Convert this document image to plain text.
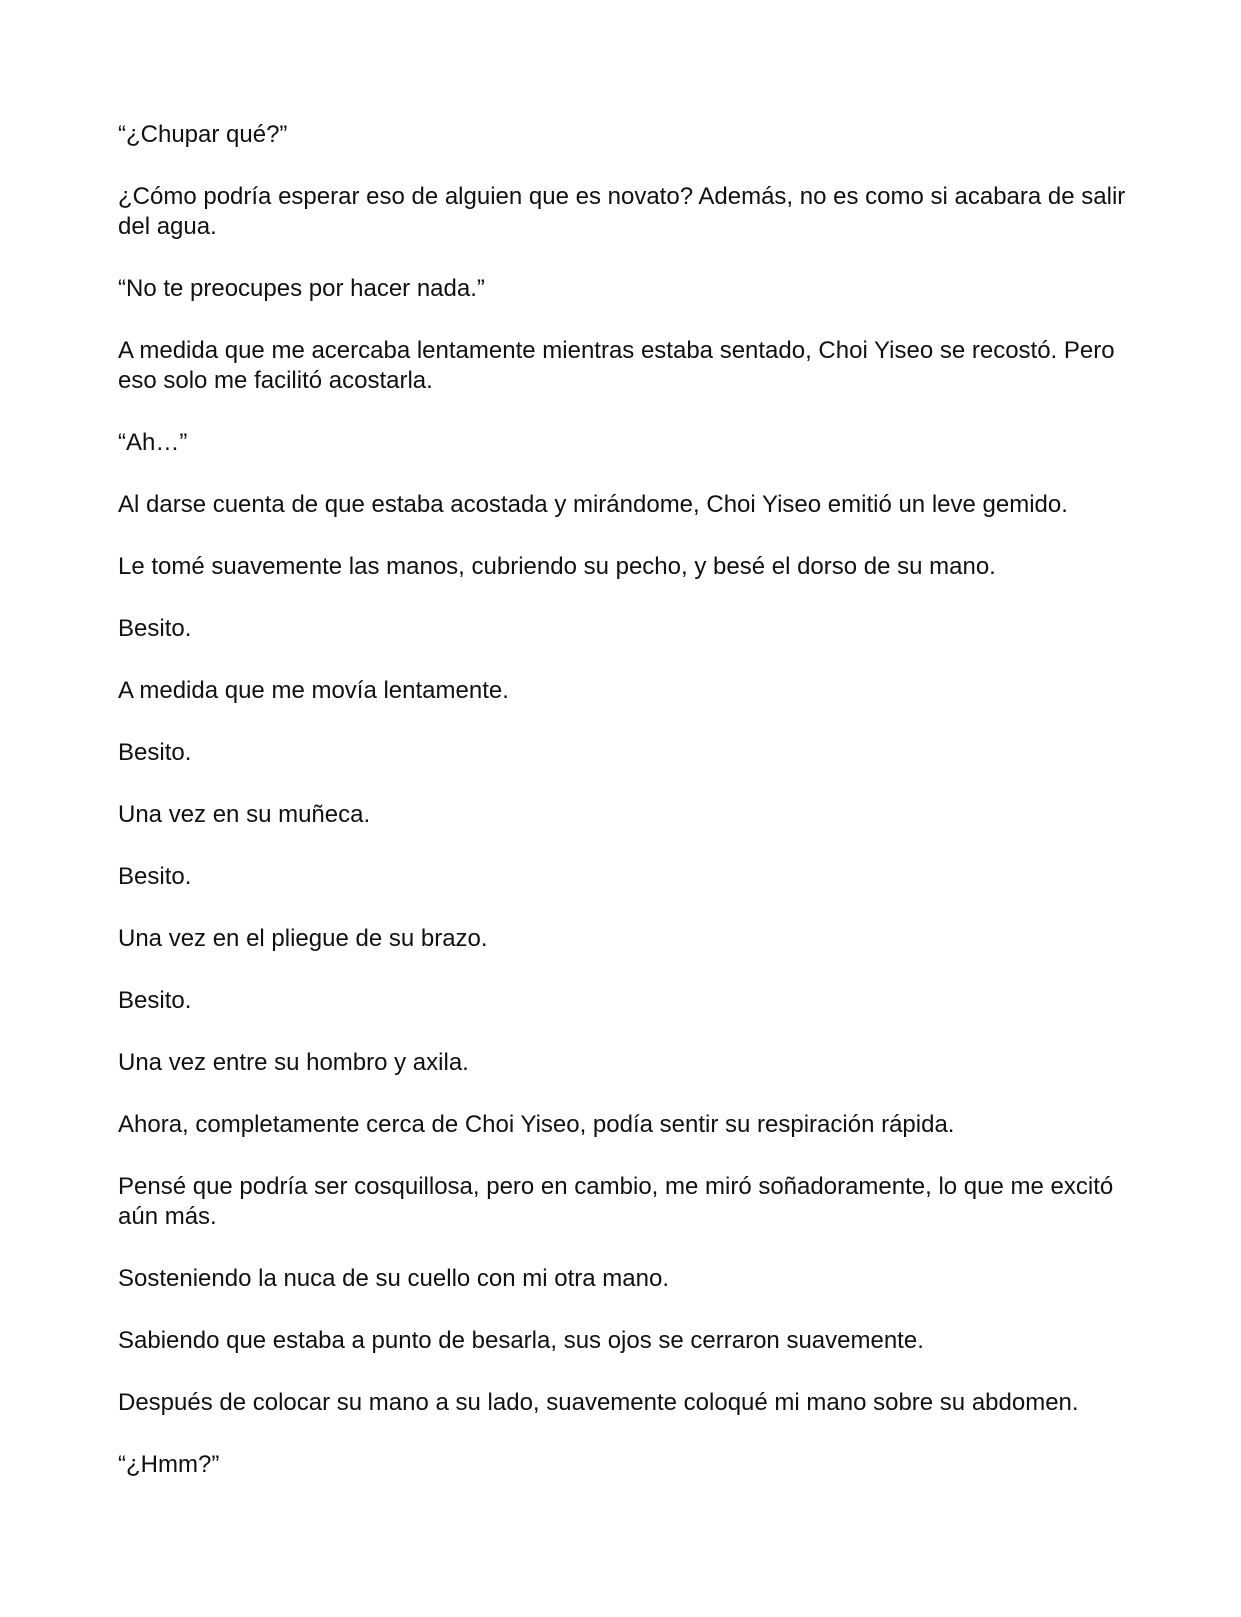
“¿Chupar qué?”

¿Cómo podría esperar eso de alguien que es novato? Además, no es como si acabara de salir del agua.

“No te preocupes por hacer nada.”

A medida que me acercaba lentamente mientras estaba sentado, Choi Yiseo se recostó. Pero eso solo me facilitó acostarla.

“Ah…”

Al darse cuenta de que estaba acostada y mirándome, Choi Yiseo emitió un leve gemido.

Le tomé suavemente las manos, cubriendo su pecho, y besé el dorso de su mano.

Besito.

A medida que me movía lentamente.

Besito.

Una vez en su muñeca.

Besito.

Una vez en el pliegue de su brazo.

Besito.

Una vez entre su hombro y axila.

Ahora, completamente cerca de Choi Yiseo, podía sentir su respiración rápida.

Pensé que podría ser cosquillosa, pero en cambio, me miró soñadoramente, lo que me excitó aún más.

Sosteniendo la nuca de su cuello con mi otra mano.

Sabiendo que estaba a punto de besarla, sus ojos se cerraron suavemente.

Después de colocar su mano a su lado, suavemente coloqué mi mano sobre su abdomen.

“¿Hmm?”
